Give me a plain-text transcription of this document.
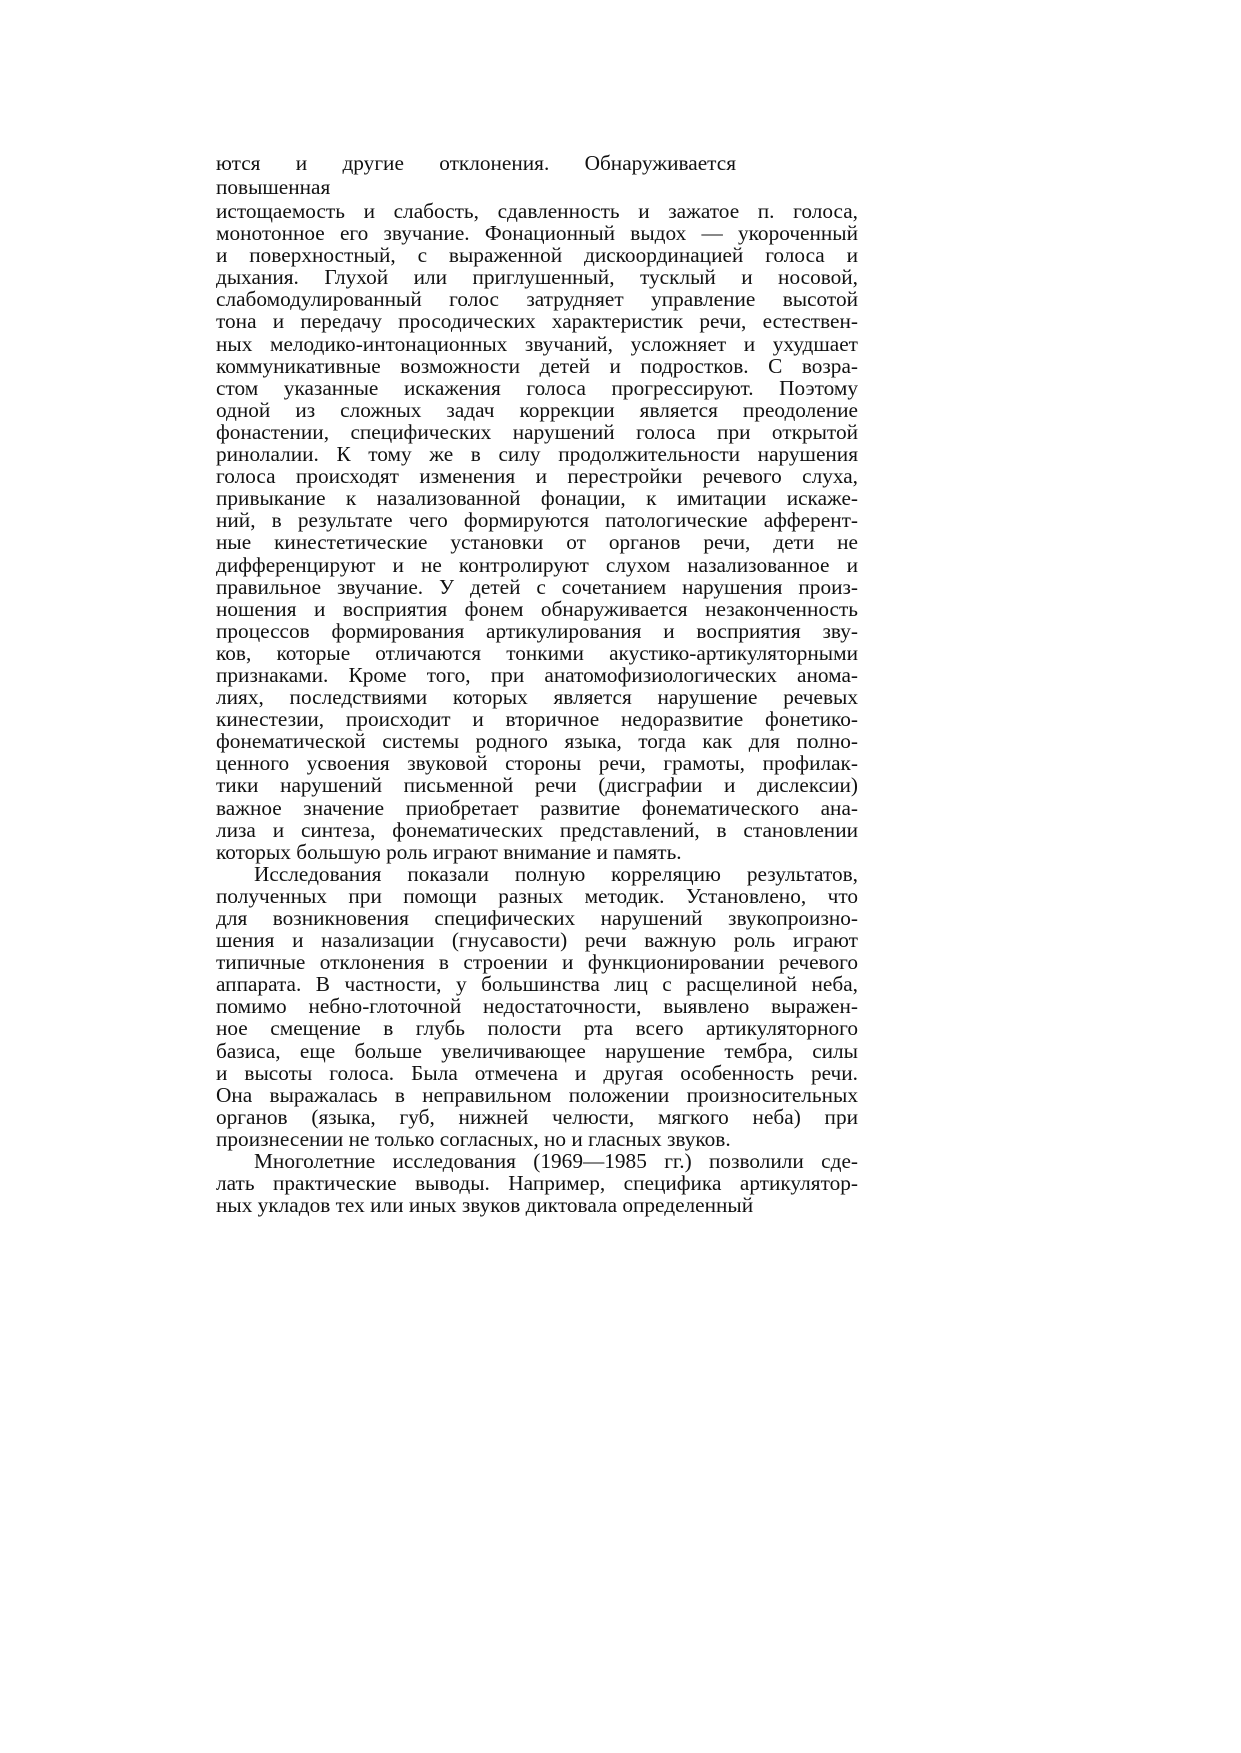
ются и другие отклонения. Обнаруживается
повышенная
истощаемость и слабость, сдавленность и зажатое п. голоса,
монотонное его звучание. Фонационный выдох — укороченный
и поверхностный, с выраженной дискоординацией голоса и
дыхания. Глухой или приглушенный, тусклый и носовой,
слабомодулированный голос затрудняет управление высотой
тона и передачу просодических характеристик речи, естествен-
ных мелодико-интонационных звучаний, усложняет и ухудшает
коммуникативные возможности детей и подростков. С возра-
стом указанные искажения голоса прогрессируют. Поэтому
одной из сложных задач коррекции является преодоление
фонастении, специфических нарушений голоса при открытой
ринолалии. К тому же в силу продолжительности нарушения
голоса происходят изменения и перестройки речевого слуха,
привыкание к назализованной фонации, к имитации искаже-
ний, в результате чего формируются патологические афферент-
ные кинестетические установки от органов речи, дети не
дифференцируют и не контролируют слухом назализованное и
правильное звучание. У детей с сочетанием нарушения произ-
ношения и восприятия фонем обнаруживается незаконченность
процессов формирования артикулирования и восприятия зву-
ков, которые отличаются тонкими акустико-артикуляторными
признаками. Кроме того, при анатомофизиологических анома-
лиях, последствиями которых является нарушение речевых
кинестезии, происходит и вторичное недоразвитие фонетико-
фонематической системы родного языка, тогда как для полно-
ценного усвоения звуковой стороны речи, грамоты, профилак-
тики нарушений письменной речи (дисграфии и дислексии)
важное значение приобретает развитие фонематического ана-
лиза и синтеза, фонематических представлений, в становлении
которых большую роль играют внимание и память.
Исследования показали полную корреляцию результатов,
полученных при помощи разных методик. Установлено, что
для возникновения специфических нарушений звукопроизно-
шения и назализации (гнусавости) речи важную роль играют
типичные отклонения в строении и функционировании речевого
аппарата. В частности, у большинства лиц с расщелиной неба,
помимо небно-глоточной недостаточности, выявлено выражен-
ное смещение в глубь полости рта всего артикуляторного
базиса, еще больше увеличивающее нарушение тембра, силы
и высоты голоса. Была отмечена и другая особенность речи.
Она выражалась в неправильном положении произносительных
органов (языка, губ, нижней челюсти, мягкого неба) при
произнесении не только согласных, но и гласных звуков.
Многолетние исследования (1969—1985 гг.) позволили сде-
лать практические выводы. Например, специфика артикулятор-
ных укладов тех или иных звуков диктовала определенный
